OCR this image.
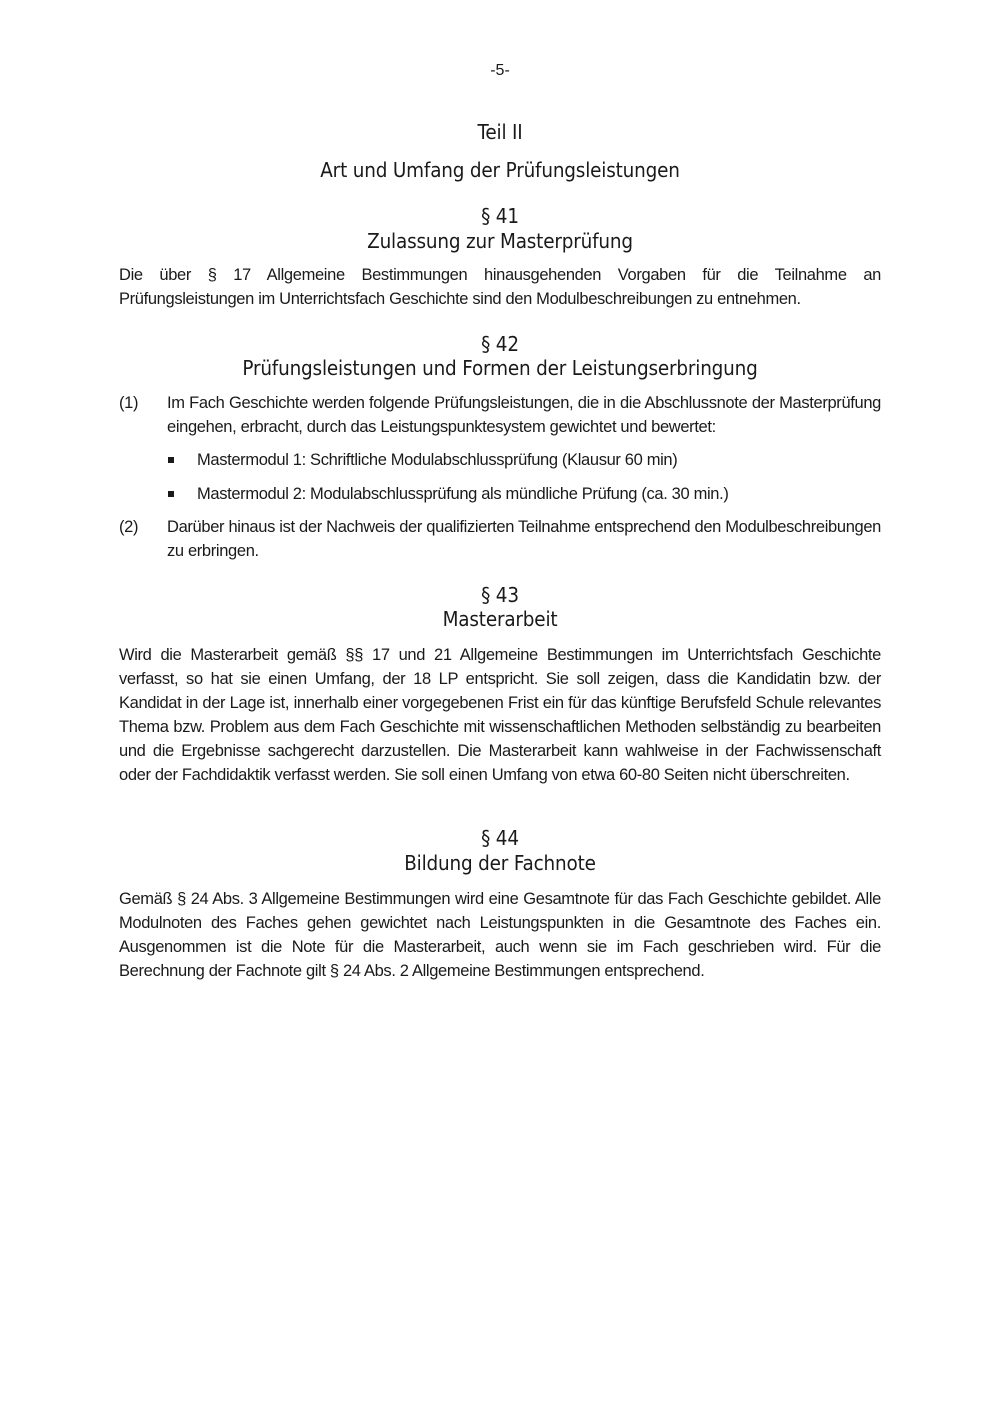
-5-
Teil II
Art und Umfang der Prüfungsleistungen
§ 41
Zulassung zur Masterprüfung
Die über § 17 Allgemeine Bestimmungen hinausgehenden Vorgaben für die Teilnahme an Prüfungsleistungen im Unterrichtsfach Geschichte sind den Modulbeschreibungen zu entnehmen.
§ 42
Prüfungsleistungen und Formen der Leistungserbringung
(1) Im Fach Geschichte werden folgende Prüfungsleistungen, die in die Abschlussnote der Masterprüfung eingehen, erbracht, durch das Leistungspunktesystem gewichtet und bewertet:
Mastermodul 1: Schriftliche Modulabschlussprüfung (Klausur 60 min)
Mastermodul 2: Modulabschlussprüfung als mündliche Prüfung (ca. 30 min.)
(2) Darüber hinaus ist der Nachweis der qualifizierten Teilnahme entsprechend den Modulbeschreibungen zu erbringen.
§ 43
Masterarbeit
Wird die Masterarbeit gemäß §§ 17 und 21 Allgemeine Bestimmungen im Unterrichtsfach Geschichte verfasst, so hat sie einen Umfang, der 18 LP entspricht. Sie soll zeigen, dass die Kandidatin bzw. der Kandidat in der Lage ist, innerhalb einer vorgegebenen Frist ein für das künftige Berufsfeld Schule relevantes Thema bzw. Problem aus dem Fach Geschichte mit wissenschaftlichen Methoden selbständig zu bearbeiten und die Ergebnisse sachgerecht darzustellen. Die Masterarbeit kann wahlweise in der Fachwissenschaft oder der Fachdidaktik verfasst werden. Sie soll einen Umfang von etwa 60-80 Seiten nicht überschreiten.
§ 44
Bildung der Fachnote
Gemäß § 24 Abs. 3 Allgemeine Bestimmungen wird eine Gesamtnote für das Fach Geschichte gebildet. Alle Modulnoten des Faches gehen gewichtet nach Leistungspunkten in die Gesamtnote des Faches ein. Ausgenommen ist die Note für die Masterarbeit, auch wenn sie im Fach geschrieben wird. Für die Berechnung der Fachnote gilt § 24 Abs. 2 Allgemeine Bestimmungen entsprechend.
